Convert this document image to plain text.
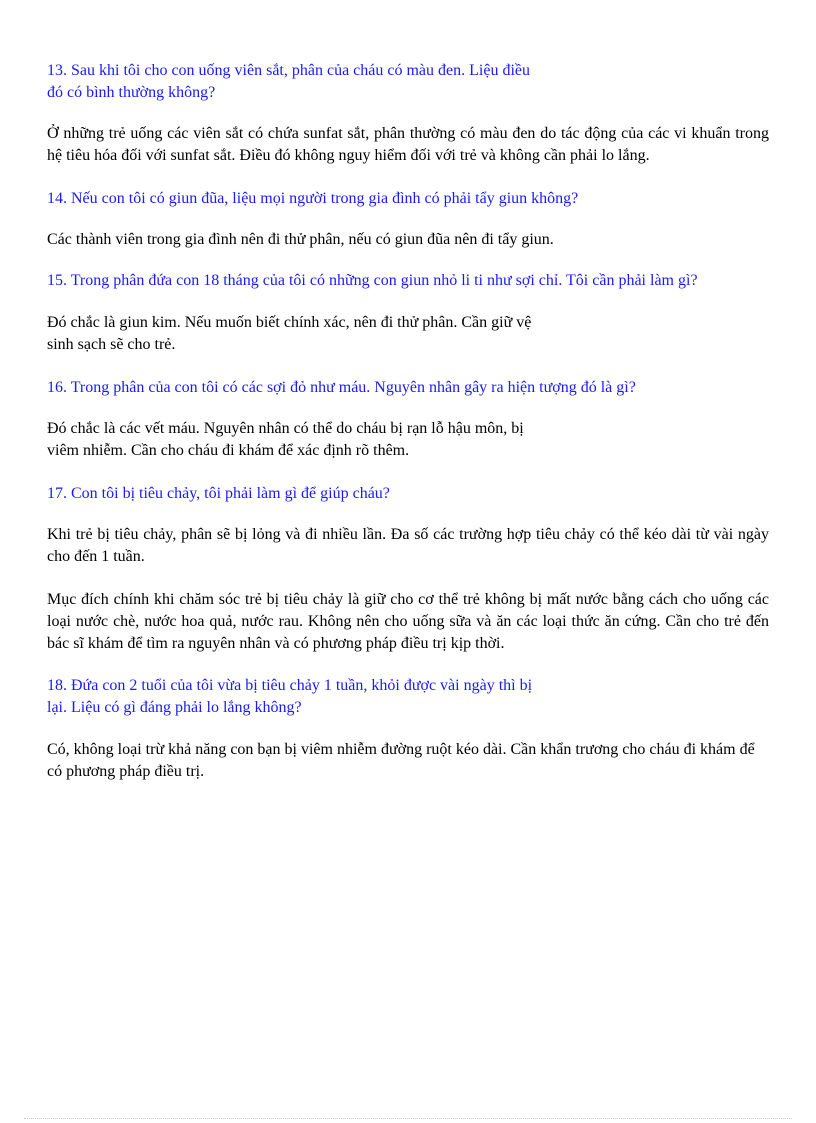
13. Sau khi tôi cho con uống viên sắt, phân của cháu có màu đen. Liệu điều
đó có bình thường không?

Ở những trẻ uống các viên sắt có chứa sunfat sắt, phân thường có màu đen do tác động của các vi khuẩn trong hệ tiêu hóa đối với sunfat sắt. Điều đó không nguy hiểm đối với trẻ và không cần phải lo lắng.

14. Nếu con tôi có giun đũa, liệu mọi người trong gia đình có phải tẩy giun không?

Các thành viên trong gia đình nên đi thử phân, nếu có giun đũa nên đi tẩy giun.

15. Trong phân đứa con 18 tháng của tôi có những con giun nhỏ li ti như sợi chỉ. Tôi cần phải làm gì?

Đó chắc là giun kim. Nếu muốn biết chính xác, nên đi thử phân. Cần giữ vệ
sinh sạch sẽ cho trẻ.

16. Trong phân của con tôi có các sợi đỏ như máu. Nguyên nhân gây ra hiện tượng đó là gì?

Đó chắc là các vết máu. Nguyên nhân có thể do cháu bị rạn lỗ hậu môn, bị
viêm nhiễm. Cần cho cháu đi khám để xác định rõ thêm.

17. Con tôi bị tiêu chảy, tôi phải làm gì để giúp cháu?

Khi trẻ bị tiêu chảy, phân sẽ bị lỏng và đi nhiều lần. Đa số các trường hợp tiêu chảy có thể kéo dài từ vài ngày cho đến 1 tuần.

Mục đích chính khi chăm sóc trẻ bị tiêu chảy là giữ cho cơ thể trẻ không bị mất nước bằng cách cho uống các loại nước chè, nước hoa quả, nước rau. Không nên cho uống sữa và ăn các loại thức ăn cứng. Cần cho trẻ đến bác sĩ khám để tìm ra nguyên nhân và có phương pháp điều trị kịp thời.

18. Đứa con 2 tuổi của tôi vừa bị tiêu chảy 1 tuần, khỏi được vài ngày thì bị
lại. Liệu có gì đáng phải lo lắng không?

Có, không loại trừ khả năng con bạn bị viêm nhiễm đường ruột kéo dài. Cần khẩn trương cho cháu đi khám để có phương pháp điều trị.
